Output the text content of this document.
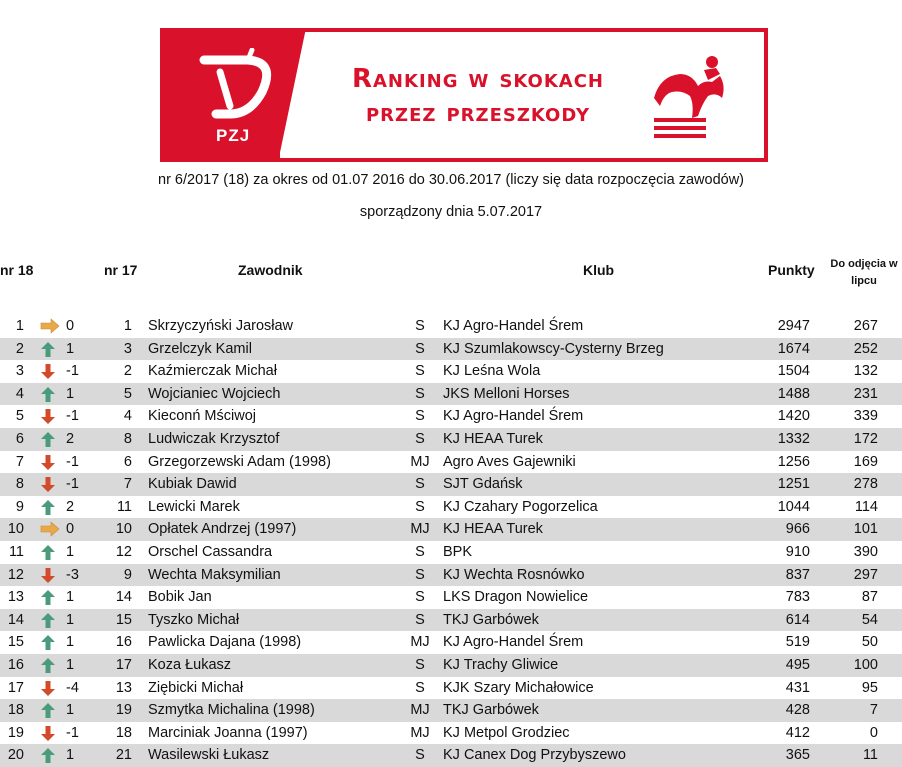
PZJ
Ranking w skokach
przez przeszkody
nr 6/2017 (18) za okres od 01.07 2016 do 30.06.2017 (liczy się data rozpoczęcia zawodów)
sporządzony dnia 5.07.2017
nr 18	nr 17	Zawodnik	Klub	Punkty	Do odjęcia w
lipcu
1	0	1 Skrzyczyński Jarosław	S	KJ Agro-Handel Śrem	2947	267
2	1	3 Grzelczyk Kamil	S	KJ Szumlakowscy-Cysterny Brzeg	1674	252
3	-1	2 Kaźmierczak Michał	S	KJ Leśna Wola	1504	132
4	1	5 Wojcianiec Wojciech	S	JKS Melloni Horses	1488	231
5	-1	4 Kieconń Mściwoj	S	KJ Agro-Handel Śrem	1420	339
6	2	8 Ludwiczak Krzysztof	S	KJ HEAA Turek	1332	172
7	-1	6 Grzegorzewski Adam (1998)	MJ Agro Aves Gajewniki	1256	169
8	-1	7 Kubiak Dawid	S	SJT Gdańsk	1251	278
9	2	11 Lewicki Marek	S	KJ Czahary Pogorzelica	1044	114
10	0	10 Opłatek Andrzej (1997)	MJ KJ HEAA Turek	966	101
11	1	12 Orschel Cassandra	S	BPK	910	390
12	-3	9 Wechta Maksymilian	S	KJ Wechta Rosnówko	837	297
13	1	14 Bobik Jan	S	LKS Dragon Nowielice	783	87
14	1	15 Tyszko Michał	S	TKJ Garbówek	614	54
15	1	16 Pawlicka Dajana (1998)	MJ KJ Agro-Handel Śrem	519	50
16	1	17 Koza Łukasz	S	KJ Trachy Gliwice	495	100
17	-4	13 Ziębicki Michał	S	KJK Szary Michałowice	431	95
18	1	19 Szmytka Michalina (1998)	MJ TKJ Garbówek	428	7
19	-1	18 Marciniak Joanna (1997)	MJ KJ Metpol Grodziec	412	0
20	1	21 Wasilewski Łukasz	S	KJ Canex Dog Przybyszewo	365	11
